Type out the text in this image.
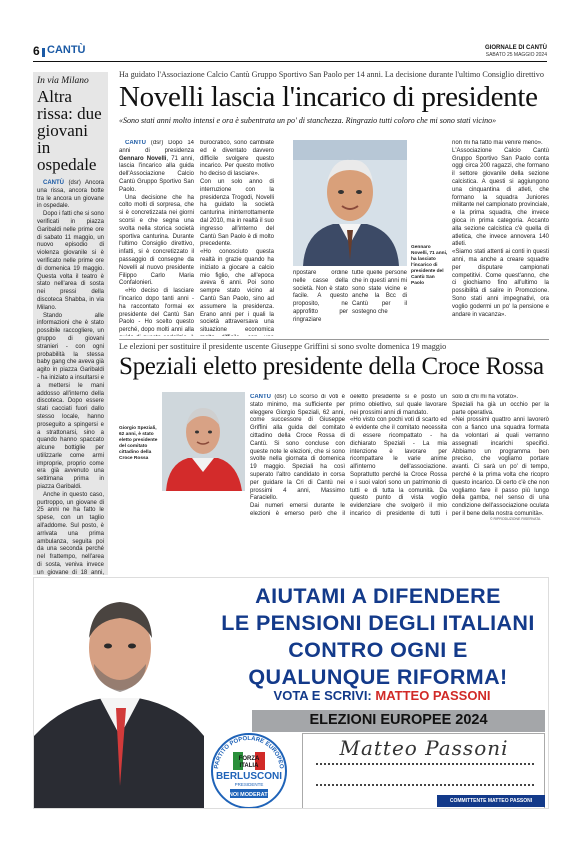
6 CANTÙ	GIORNALE DI CANTÙ
SABATO 25 MAGGIO 2024
In via Milano
Altra rissa: due giovani in ospedale

CANTÙ (dsr) Ancora una rissa, ancora botte tra le ancora un giovane in ospedale.

Dopo i fatti che si sono verificati in piazza Garibaldi nelle prime ore di sabato 11 maggio, un nuovo episodio di violenza giovanile si è verificato nelle prime ore di domenica 19 maggio. Questa volta il teatro è stato nell'area di sosta nei pressi della discoteca Shabba, in via Milano.

Stando alle informazioni che è stato possibile raccogliere, un gruppo di giovani stranieri - con ogni probabilità la stessa baby gang che aveva già agito in piazza Garibaldi - ha iniziato a insultarsi e a mettersi le mani addosso all'interno della discoteca. Dopo essere stati cacciati fuori dallo stesso locale, hanno proseguito a spingersi e a strattonarsi, sino a quando hanno spaccato alcune bottiglie per utilizzarle come armi improprie, proprio come era già avvenuto una settimana prima in piazza Garibaldi.

Anche in questo caso, purtroppo, un giovane di 25 anni ne ha fatto le spese, con un taglio all'addome. Sul posto, è arrivata una prima ambulanza, seguita poi da una seconda perché nel frattempo, nell'area di sosta, veniva invece un giovane di 18 anni,

Ha guidato l'Associazione Calcio Cantù Gruppo Sportivo San Paolo per 14 anni. La decisione durante l'ultimo Consiglio direttivo
Novelli lascia l'incarico di presidente
«Sono stati anni molto intensi e ora è subentrata un po' di stanchezza. Ringrazio tutti coloro che mi sono stati vicino»

CANTÙ (dsr) Dopo 14 anni di presidenza Gennaro Novelli, 71 anni, lascia l'incarico alla guida dell'Associazione Calcio Cantù Gruppo Sportivo San Paolo.

Una decisione che ha colto molti di sorpresa, che si è concretizzata nei giorni scorsi e che segna una svolta nella storica società sportiva canturina. Durante l'ultimo Consiglio direttivo, infatti, si è concretizzato il passaggio di consegne da Novelli al nuovo presidente Filippo Carlo Maria Confalonieri.

«Ho deciso di lasciare l'incarico dopo tanti anni - ha raccontato l'ormai ex presidente del Cantù San Paolo - Ho scelto questo perché, dopo molti anni alla

burocratico, sono cambiate ed è diventato davvero difficile svolgere questo incarico. Per questo motivo ho deciso di lasciare».
Con un solo anno di interruzione con la presidenza Trogodi, Novelli ha guidato la società canturina ininterrottamente dal 2010, ma in realtà il suo ingresso all'interno del Cantù San Paolo è di molto precedente.
«Ho conosciuto questa realtà in grazie quando ha iniziato a giocare a calcio mio figlio, che all'epoca aveva 6 anni. Poi sono sempre stato vicino al Cantù San Paolo, sino ad assumere la presidenza. Erano anni per i quali la società attraversava una situazione economica
ripostare ordine nelle casse della società. Non è stato facile. A questo proposito, ne approfitto per ringraziare
tutte quelle persone che in questi anni mi sono state vicine e anche la Bcc di Cantù per il sostegno che
Gennaro Novelli, 71 anni, ha lasciato l'incarico di presidente del Cantù San Paolo
non mi ha fatto mai venire meno».
L'Associazione Calcio Cantù Gruppo Sportivo San Paolo conta oggi circa 200 ragazzi, che formano il settore giovanile della sezione calcistica. A questi si aggiungono una cinquantina di atleti, che formano la squadra Juniores militante nel campionato provinciale, e la prima squadra, che invece gioca in prima categoria. Accanto alla sezione calcistica c'è quella di atletica, che invece annovera 140 atleti.
«Siamo stati attenti ai conti in questi anni, ma anche a creare squadre per disputare campionati competitivi. Come quest'anno, che ci giochiamo fino all'ultimo la possibilità di salire in Promozione. Sono stati anni impegnativi, ora voglio godermi un po' la pensione e andare in vacanza».
Le elezioni per sostituire il presidente uscente Giuseppe Griffini si sono svolte domenica 19 maggio
Speziali eletto presidente della Croce Rossa
Giorgio Speziali, 62 anni, è stato eletto presidente del comitato cittadino della Croce Rossa
CANTÙ (dsr) Lo scorso di voti è stato minimo, ma sufficiente per eleggere Giorgio Speziali, 62 anni, come successore di Giuseppe Griffini alla guida del comitato cittadino della Croce Rossa di Cantù. Si sono concluse con queste note le elezioni, che si sono svolte nella giornata di domenica 19 maggio. Speziali ha così superato l'altro candidato in corsa per guidare la Cri di Cantù nei prossimi 4 anni, Massimo Faraciello.
Dai numeri emersi durante le elezioni è emerso però che il
oeletto presidente si è posto un primo obiettivo, sul quale lavorare nei prossimi anni di mandato.
«Ho visto con pochi voti di scarto ed è evidente che il comitato necessita di essere ricompattato - ha dichiarato Speziali - La mia intenzione è lavorare per ricompattare le varie anime all'interno dell'associazione. Soprattutto perché la Croce Rossa e i suoi valori sono un patrimonio di tutti e di tutta la comunità. Da questo punto di vista voglio evidenziare che svolgerò il mio incarico di presidente di tutti i
solo di chi mi ha votato».
Speziali ha già un occhio per la parte operativa.
«Nei prossimi quattro anni lavorerò con a fianco una squadra formata da volontari ai quali verranno assegnati incarichi specifici. Abbiamo un programma ben preciso, che vogliamo portare avanti. Ci sarà un po' di tempo, perché è la prima volta che ricopro questo incarico. Di certo c'è che non vogliamo fare il passo più lungo della gamba, nel senso di una condizione dell'associazione oculata per il bene della nostra comunità».
© RIPRODUZIONE RISERVATA
AIUTAMI A DIFENDERE
LE PENSIONI DEGLI ITALIANI
CONTRO OGNI E
QUALUNQUE RIFORMA!
VOTA E SCRIVI: MATTEO PASSONI
ELEZIONI EUROPEE 2024
Matteo Passoni
PARTITO POPOLARE EUROPEO
FORZA
ITALIA
BERLUSCONI
PRESIDENTE
NOI MODERATI
COMMITTENTE MATTEO PASSONI
